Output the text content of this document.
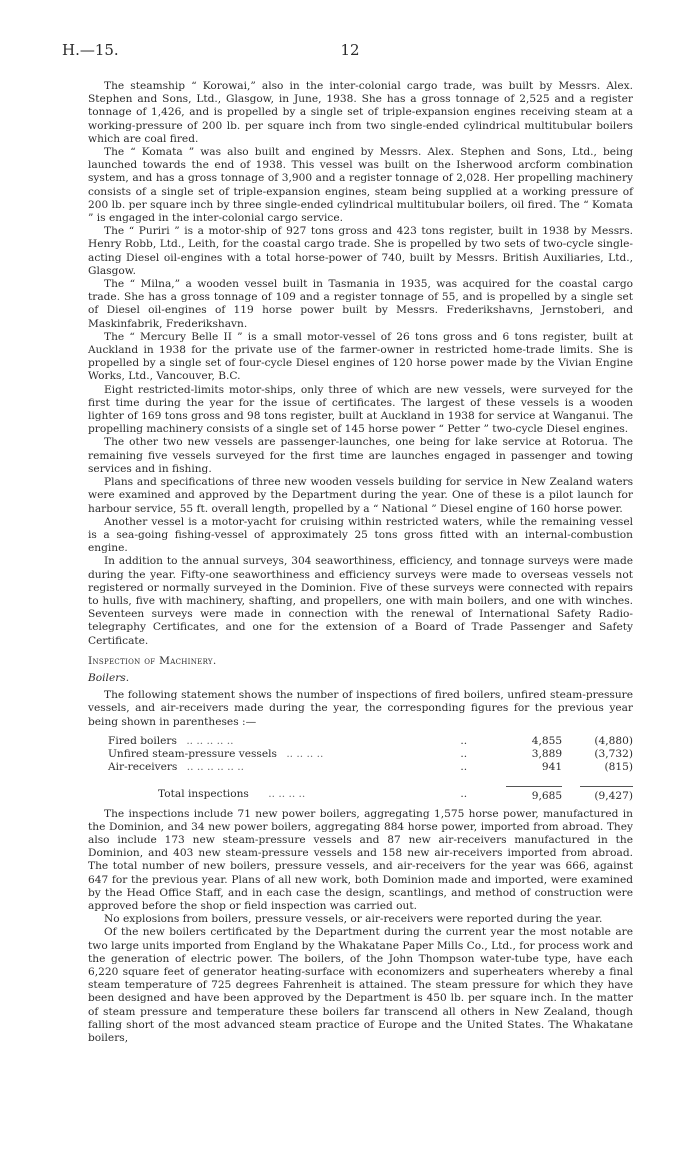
H.—15.	12

The steamship “ Korowai,” also in the inter-colonial cargo trade, was built by Messrs. Alex. Stephen and Sons, Ltd., Glasgow, in June, 1938. She has a gross tonnage of 2,525 and a register tonnage of 1,426, and is propelled by a single set of triple-expansion engines receiving steam at a working-pressure of 200 lb. per square inch from two single-ended cylindrical multitubular boilers which are coal fired.

The “ Komata ” was also built and engined by Messrs. Alex. Stephen and Sons, Ltd., being launched towards the end of 1938. This vessel was built on the Isherwood arcform combination system, and has a gross tonnage of 3,900 and a register tonnage of 2,028. Her propelling machinery consists of a single set of triple-expansion engines, steam being supplied at a working pressure of 200 lb. per square inch by three single-ended cylindrical multitubular boilers, oil fired. The “ Komata ” is engaged in the inter-colonial cargo service.

The “ Puriri ” is a motor-ship of 927 tons gross and 423 tons register, built in 1938 by Messrs. Henry Robb, Ltd., Leith, for the coastal cargo trade. She is propelled by two sets of two-cycle single-acting Diesel oil-engines with a total horse-power of 740, built by Messrs. British Auxiliaries, Ltd., Glasgow.

The “ Milna,” a wooden vessel built in Tasmania in 1935, was acquired for the coastal cargo trade. She has a gross tonnage of 109 and a register tonnage of 55, and is propelled by a single set of Diesel oil-engines of 119 horse power built by Messrs. Frederikshavns, Jernstoberi, and Maskinfabrik, Frederikshavn.

The “ Mercury Belle II ” is a small motor-vessel of 26 tons gross and 6 tons register, built at Auckland in 1938 for the private use of the farmer-owner in restricted home-trade limits. She is propelled by a single set of four-cycle Diesel engines of 120 horse power made by the Vivian Engine Works, Ltd., Vancouver, B.C.

Eight restricted-limits motor-ships, only three of which are new vessels, were surveyed for the first time during the year for the issue of certificates. The largest of these vessels is a wooden lighter of 169 tons gross and 98 tons register, built at Auckland in 1938 for service at Wanganui. The propelling machinery consists of a single set of 145 horse power “ Petter ” two-cycle Diesel engines.

The other two new vessels are passenger-launches, one being for lake service at Rotorua. The remaining five vessels surveyed for the first time are launches engaged in passenger and towing services and in fishing.

Plans and specifications of three new wooden vessels building for service in New Zealand waters were examined and approved by the Department during the year. One of these is a pilot launch for harbour service, 55 ft. overall length, propelled by a “ National ” Diesel engine of 160 horse power.

Another vessel is a motor-yacht for cruising within restricted waters, while the remaining vessel is a sea-going fishing-vessel of approximately 25 tons gross fitted with an internal-combustion engine.

In addition to the annual surveys, 304 seaworthiness, efficiency, and tonnage surveys were made during the year. Fifty-one seaworthiness and efficiency surveys were made to overseas vessels not registered or normally surveyed in the Dominion. Five of these surveys were connected with repairs to hulls, five with machinery, shafting, and propellers, one with main boilers, and one with winches. Seventeen surveys were made in connection with the renewal of International Safety Radio-telegraphy Certificates, and one for the extension of a Board of Trade Passenger and Safety Certificate.

Inspection of Machinery.

Boilers.

The following statement shows the number of inspections of fired boilers, unfired steam-pressure vessels, and air-receivers made during the year, the corresponding figures for the previous year being shown in parentheses :—

Fired boilers .. .. .. .. ..	..	4,855	(4,880)
Unfired steam-pressure vessels .. .. .. ..	..	3,889	(3,732)
Air-receivers .. .. .. .. .. ..	..	941	(815)
Total inspections .. .. .. ..	..	9,685	(9,427)

The inspections include 71 new power boilers, aggregating 1,575 horse power, manufactured in the Dominion, and 34 new power boilers, aggregating 884 horse power, imported from abroad. They also include 173 new steam-pressure vessels and 87 new air-receivers manufactured in the Dominion, and 403 new steam-pressure vessels and 158 new air-receivers imported from abroad. The total number of new boilers, pressure vessels, and air-receivers for the year was 666, against 647 for the previous year. Plans of all new work, both Dominion made and imported, were examined by the Head Office Staff, and in each case the design, scantlings, and method of construction were approved before the shop or field inspection was carried out.

No explosions from boilers, pressure vessels, or air-receivers were reported during the year.

Of the new boilers certificated by the Department during the current year the most notable are two large units imported from England by the Whakatane Paper Mills Co., Ltd., for process work and the generation of electric power. The boilers, of the John Thompson water-tube type, have each 6,220 square feet of generator heating-surface with economizers and superheaters whereby a final steam temperature of 725 degrees Fahrenheit is attained. The steam pressure for which they have been designed and have been approved by the Department is 450 lb. per square inch. In the matter of steam pressure and temperature these boilers far transcend all others in New Zealand, though falling short of the most advanced steam practice of Europe and the United States. The Whakatane boilers,
